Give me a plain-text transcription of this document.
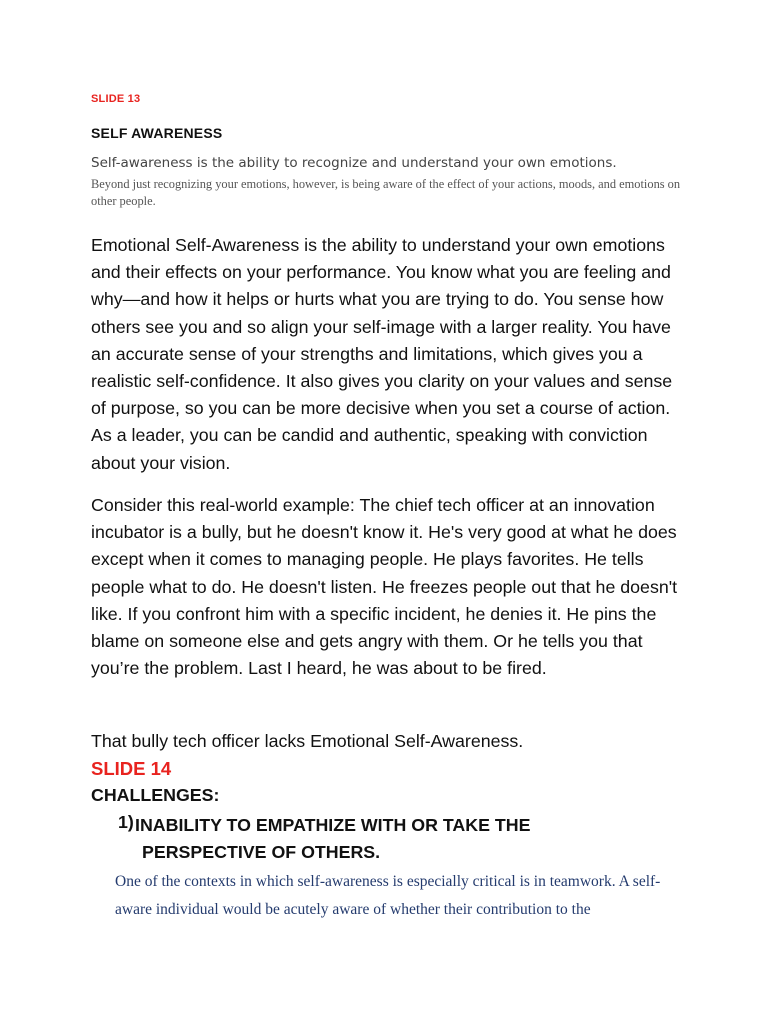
SLIDE 13
SELF AWARENESS
Self-awareness is the ability to recognize and understand your own emotions.
Beyond just recognizing your emotions, however, is being aware of the effect of your actions, moods, and emotions on other people.
Emotional Self-Awareness is the ability to understand your own emotions and their effects on your performance. You know what you are feeling and why—and how it helps or hurts what you are trying to do. You sense how others see you and so align your self-image with a larger reality. You have an accurate sense of your strengths and limitations, which gives you a realistic self-confidence. It also gives you clarity on your values and sense of purpose, so you can be more decisive when you set a course of action. As a leader, you can be candid and authentic, speaking with conviction about your vision.
Consider this real-world example: The chief tech officer at an innovation incubator is a bully, but he doesn't know it. He's very good at what he does except when it comes to managing people. He plays favorites. He tells people what to do. He doesn't listen. He freezes people out that he doesn't like. If you confront him with a specific incident, he denies it. He pins the blame on someone else and gets angry with them. Or he tells you that you’re the problem. Last I heard, he was about to be fired.
That bully tech officer lacks Emotional Self-Awareness.
SLIDE 14
CHALLENGES:
1) INABILITY TO EMPATHIZE WITH OR TAKE THE
PERSPECTIVE OF OTHERS.
One of the contexts in which self-awareness is especially critical is in teamwork. A self-aware individual would be acutely aware of whether their contribution to the
